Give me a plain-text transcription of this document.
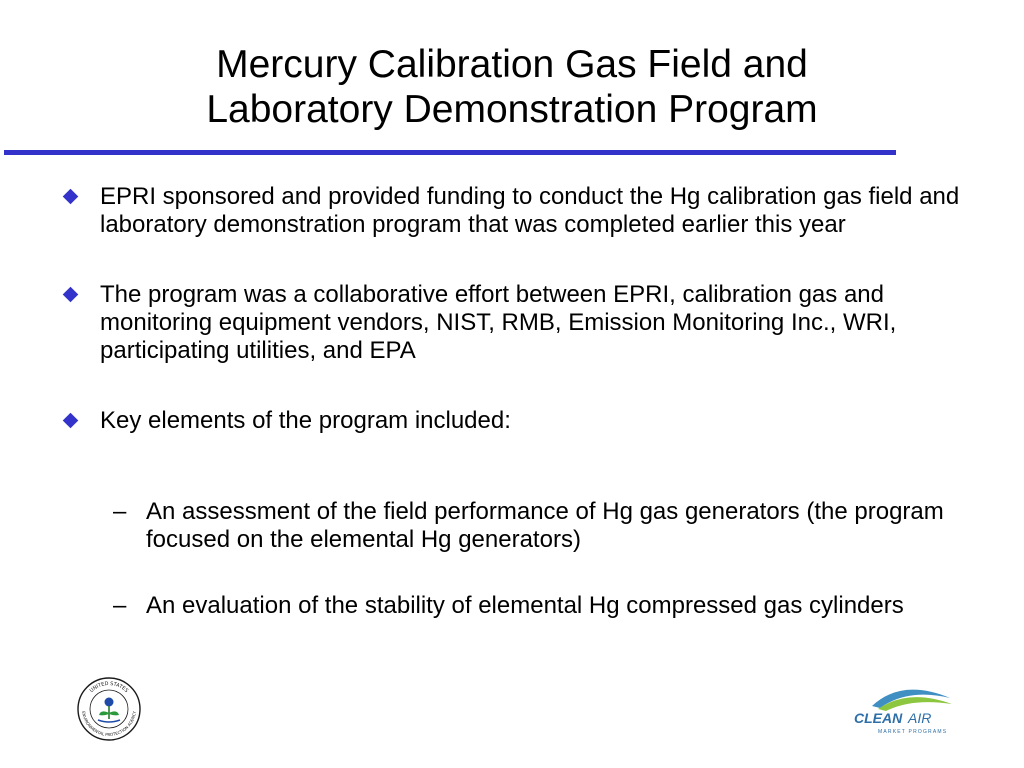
Mercury Calibration Gas Field and
Laboratory Demonstration Program
EPRI sponsored and provided funding to conduct the Hg calibration gas field and laboratory demonstration program that was completed earlier this year
The program was a collaborative effort between EPRI, calibration gas and monitoring equipment vendors, NIST, RMB, Emission Monitoring Inc., WRI, participating utilities, and EPA
Key elements of the program included:
– An assessment of the field performance of Hg gas generators (the program focused on the elemental Hg generators)
– An evaluation of the stability of elemental Hg compressed gas cylinders
UNITED STATES
ENVIRONMENTAL PROTECTION AGENCY	CLEAN AIR
MARKET PROGRAMS
